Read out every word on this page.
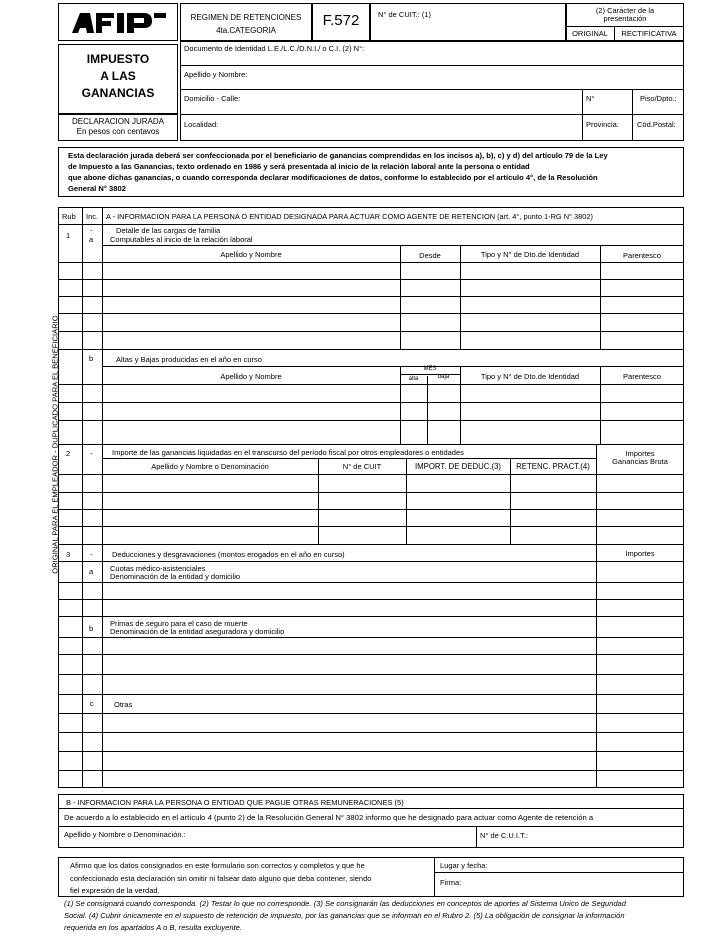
REGIMEN DE RETENCIONES
4ta.CATEGORIA
F.572	N° de CUIT.: (1)	(2) Carácter de la
presentación
ORIGINAL	RECTIFICATIVA
IMPUESTO
A LAS
GANANCIAS
DECLARACION JURADA
En pesos con centavos
Documento de Identidad L.E./L.C./D.N.I./ o C.I. (2) N°:
Apellido y Nombre:
Domicilio - Calle:	N°	Piso/Dpto.:
Localidad:	Provincia: Cód.Postal:
Esta declaración jurada deberá ser confeccionada por el beneficiario de ganancias comprendidas en los incisos a), b), c) y d) del artículo 79 de la Ley
de Impuesto a las Ganancias, texto ordenado en 1986 y será presentada al inicio de la relación laboral ante la persona o entidad
que abone dichas ganancias, o cuando corresponda declarar modificaciones de datos, conforme lo establecido por el artículo 4°, de la Resolución
General N° 3802
ORIGINAL PARA EL EMPLEADOR - DUPLICADO PARA EL BENEFICIARIO
Rub Inc. A - INFORMACION PARA LA PERSONA O ENTIDAD DESIGNADA PARA ACTUAR COMO AGENTE DE RETENCION (art. 4°, punto 1-RG N° 3802)
1
-
a
Detalle de las cargas de familia
Computables al inicio de la relación laboral
Apellido y Nombre	Desde	Tipo y N° de Dto.de Identidad	Parentesco
b	Altas y Bajas producidas en el año en curso
MES
alta	baja
Apellido y Nombre	Tipo y N° de Dto.de Identidad	Parentesco
2	-	Importe de las ganancias liquidadas en el transcurso del período fiscal por otros empleadores o entidades	Importes
Ganancias Bruta
Apellido y Nombre o Denominación	N° de CUIT	IMPORT. DE DEDUC.(3)	RETENC. PRACT.(4)
3	-	Deducciones y desgravaciones (montos erogados en el año en curso)	Importes
a Cuotas médico-asistenciales
Denominación de la entidad y domicilio
b
Primas de seguro para el caso de muerte
Denominación de la entidad aseguradora y domicilio
c	Otras
B - INFORMACION PARA LA PERSONA O ENTIDAD QUE PAGUE OTRAS REMUNERACIONES (5)
De acuerdo a lo establecido en el artículo 4 (punto 2) de la Resolución General N° 3802 informo que he designado para actuar como Agente de retención a
Apellido y Nombre o Denominación.:	N° de C.U.I.T.:
Afirmo que los datos consignados en este formulario son correctos y completos y que he
confeccionado esta declaración sin omitir ni falsear dato alguno que deba contener, siendo
fiel expresión de la verdad.
Lugar y fecha:
Firma:
(1) Se consignará cuando corresponda. (2) Testar lo que no corresponde. (3) Se consignarán las deducciones en conceptos de aportes al Sistema Unico de Seguridad
Social. (4) Cubrir únicamente en el supuesto de retención de impuesto, por las ganancias que se informan en el Rubro 2. (5) La obligación de consignar la información
requerida en los apartados A o B, resulta excluyente.
